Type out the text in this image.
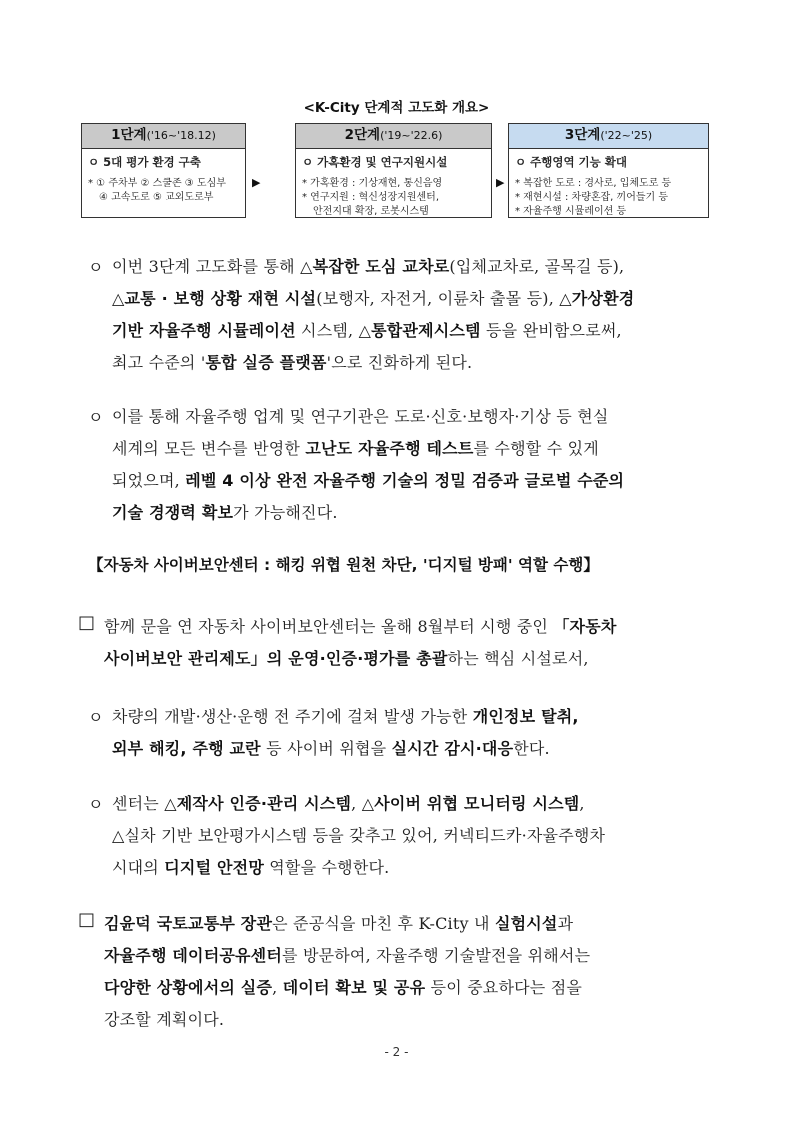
<K-City 단계적 고도화 개요>
1단계('16~'18.12)
ㅇ 5대 평가 환경 구축
* ① 주차부 ② 스쿨존 ③ 도심부
④ 고속도로 ⑤ 교외도로부
▶
2단계('19~'22.6)
ㅇ 가혹환경 및 연구지원시설
* 가혹환경 : 기상재현, 통신음영
* 연구지원 : 혁신성장지원센터,
안전지대 확장, 로봇시스템
▶
3단계('22~'25)
ㅇ 주행영역 기능 확대
* 복잡한 도로 : 경사로, 입체도로 등
* 재현시설 : 차량혼잡, 끼어들기 등
* 자율주행 시뮬레이션 등
ㅇ 이번 3단계 고도화를 통해 △복잡한 도심 교차로(입체교차로, 골목길 등),
△교통 · 보행 상황 재현 시설(보행자, 자전거, 이륜차 출몰 등), △가상환경
기반 자율주행 시뮬레이션 시스템, △통합관제시스템 등을 완비함으로써,
최고 수준의 '통합 실증 플랫폼'으로 진화하게 된다.
ㅇ 이를 통해 자율주행 업계 및 연구기관은 도로·신호·보행자·기상 등 현실
세계의 모든 변수를 반영한 고난도 자율주행 테스트를 수행할 수 있게
되었으며, 레벨 4 이상 완전 자율주행 기술의 정밀 검증과 글로벌 수준의
기술 경쟁력 확보가 가능해진다.
【자동차 사이버보안센터 : 해킹 위협 원천 차단, '디지털 방패' 역할 수행】
□ 함께 문을 연 자동차 사이버보안센터는 올해 8월부터 시행 중인 「자동차
사이버보안 관리제도」의 운영·인증·평가를 총괄하는 핵심 시설로서,
ㅇ 차량의 개발·생산·운행 전 주기에 걸쳐 발생 가능한 개인정보 탈취,
외부 해킹, 주행 교란 등 사이버 위협을 실시간 감시·대응한다.
ㅇ 센터는 △제작사 인증·관리 시스템, △사이버 위협 모니터링 시스템,
△실차 기반 보안평가시스템 등을 갖추고 있어, 커넥티드카·자율주행차
시대의 디지털 안전망 역할을 수행한다.
□ 김윤덕 국토교통부 장관은 준공식을 마친 후 K-City 내 실험시설과
자율주행 데이터공유센터를 방문하여, 자율주행 기술발전을 위해서는
다양한 상황에서의 실증, 데이터 확보 및 공유 등이 중요하다는 점을
강조할 계획이다.
- 2 -
